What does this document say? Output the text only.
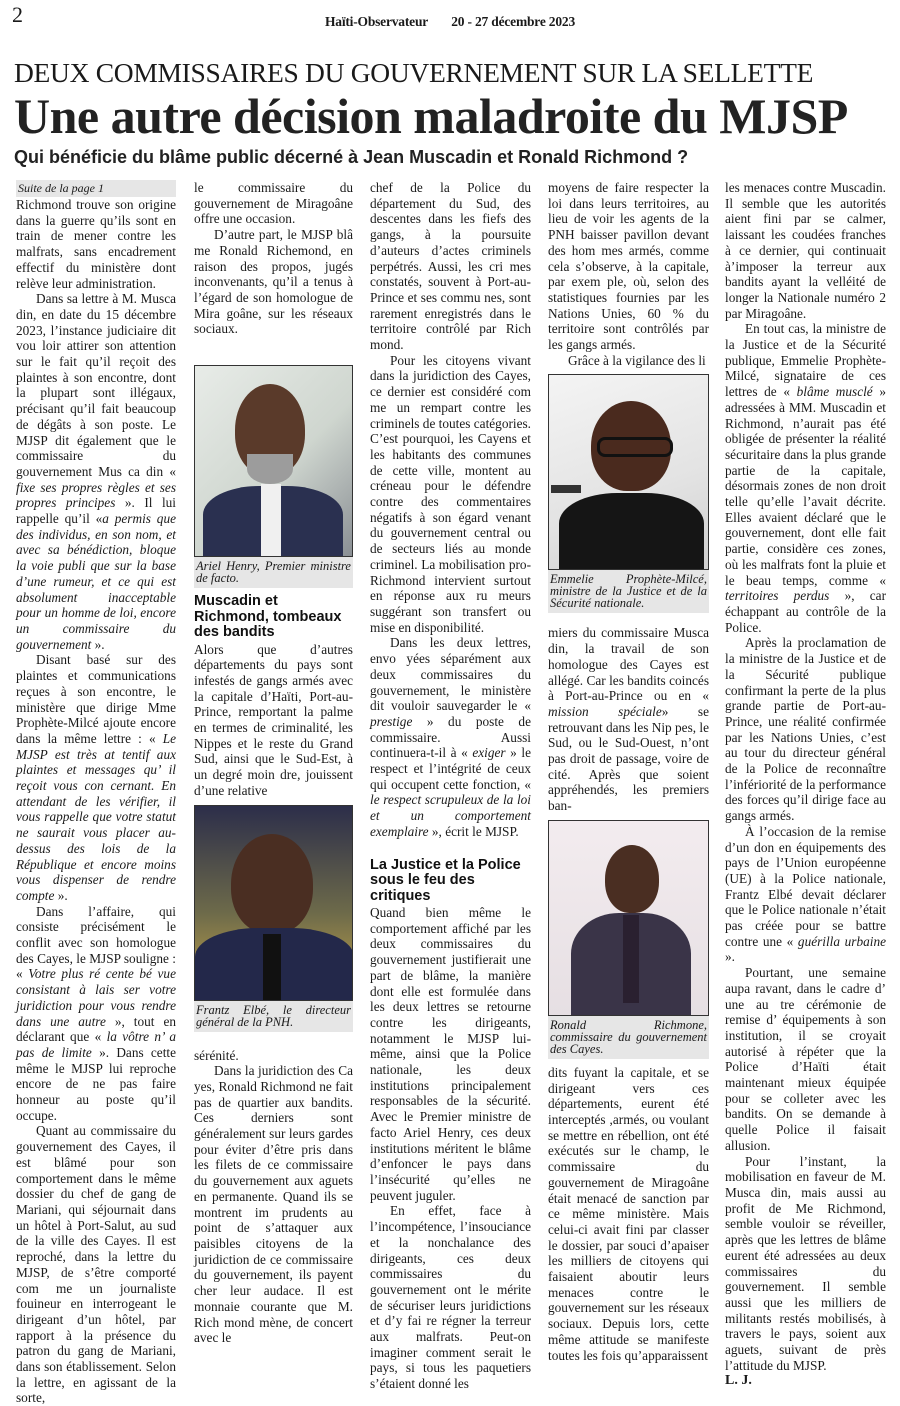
2	Haïti-Observateur 20 - 27 décembre 2023
DEUX COMMISSAIRES DU GOUVERNEMENT SUR LA SELLETTE
Une autre décision maladroite du MJSP
Qui bénéficie du blâme public décerné à Jean Muscadin et Ronald Richmond ?

Suite de la page 1

Richmond trouve son origine dans la guerre qu’ils sont en train de mener contre les malfrats, sans encadrement effectif du ministère dont relève leur administration.

Dans sa lettre à M. Musca din, en date du 15 décembre 2023, l’instance judiciaire dit vou loir attirer son attention sur le fait qu’il reçoit des plaintes à son encontre, dont la plupart sont illégaux, précisant qu’il fait beaucoup de dégâts à son poste. Le MJSP dit également que le commissaire du gouvernement Mus ca din « fixe ses propres règles et ses propres principes ». Il lui rappelle qu’il «a permis que des individus, en son nom, et avec sa bénédiction, bloque la voie publi que sur la base d’une rumeur, et ce qui est absolument inacceptable pour un homme de loi, encore un commissaire du gouvernement ».

Disant basé sur des plaintes et communications reçues à son encontre, le ministère que dirige Mme Prophète-Milcé ajoute encore dans la même lettre : « Le MJSP est très at tentif aux plaintes et messages qu’ il reçoit vous con cernant. En attendant de les vérifier, il vous rappelle que votre statut ne saurait vous placer au-dessus des lois de la République et encore moins vous dispenser de rendre compte ».

Dans l’affaire, qui consiste précisément le conflit avec son homologue des Cayes, le MJSP souligne : « Votre plus ré cente bé vue consistant à lais ser votre juridiction pour vous rendre dans une autre », tout en déclarant que « la vôtre n’ a pas de limite ». Dans cette même le MJSP lui reproche encore de ne pas faire honneur au poste qu’il occupe.

Quant au commissaire du gouvernement des Cayes, il est blâmé pour son comportement dans le même dossier du chef de gang de Mariani, qui séjournait dans un hôtel à Port-Salut, au sud de la ville des Cayes. Il est reproché, dans la lettre du MJSP, de s’être comporté com me un journaliste fouineur en interrogeant le dirigeant d’un hôtel, par rapport à la présence du patron du gang de Mariani, dans son établissement. Selon la lettre, en agissant de la sorte,

le commissaire du gouvernement de Miragoâne offre une occasion.

D’autre part, le MJSP blâ me Ronald Richemond, en raison des propos, jugés inconvenants, qu’il a tenus à l’égard de son homologue de Mira goâne, sur les réseaux sociaux.

Ariel Henry, Premier ministre de facto.
Muscadin et Richmond, tombeaux des bandits

Alors que d’autres départements du pays sont infestés de gangs armés avec la capitale d’Haïti, Port-au-Prince, remportant la palme en termes de criminalité, les Nippes et le reste du Grand Sud, ainsi que le Sud-Est, à un degré moin dre, jouissent d’une relative

Frantz Elbé, le directeur général de la PNH.

sérénité.

Dans la juridiction des Ca yes, Ronald Richmond ne fait pas de quartier aux bandits. Ces derniers sont généralement sur leurs gardes pour éviter d’être pris dans les filets de ce commissaire du gouvernement aux aguets en permanente. Quand ils se montrent im prudents au point de s’attaquer aux paisibles citoyens de la juridiction de ce commissaire du gouvernement, ils payent cher leur audace. Il est monnaie courante que M. Rich mond mène, de concert avec le

chef de la Police du département du Sud, des descentes dans les fiefs des gangs, à la poursuite d’auteurs d’actes criminels perpétrés. Aussi, les cri mes constatés, souvent à Port-au-Prince et ses commu nes, sont rarement enregistrés dans le territoire contrôlé par Rich mond.

Pour les citoyens vivant dans la juridiction des Cayes, ce dernier est considéré com me un rempart contre les criminels de toutes catégories. C’est pourquoi, les Cayens et les habitants des communes de cette ville, montent au créneau pour le défendre contre des commentaires négatifs à son égard venant du gouvernement central ou de secteurs liés au monde criminel. La mobilisation pro-Richmond intervient surtout en réponse aux ru meurs suggérant son transfert ou mise en disponibilité.

Dans les deux lettres, envo yées séparément aux deux commissaires du gouvernement, le ministère dit vouloir sauvegarder le « prestige » du poste de commissaire. Aussi continuera-t-il à « exiger » le respect et l’intégrité de ceux qui occupent cette fonction, « le respect scrupuleux de la loi et un comportement exemplaire », écrit le MJSP.

La Justice et la Police sous le feu des critiques

Quand bien même le comportement affiché par les deux commissaires du gouvernement justifierait une part de blâme, la manière dont elle est formulée dans les deux lettres se retourne contre les dirigeants, notamment le MJSP lui-même, ainsi que la Police nationale, les deux institutions principalement responsables de la sécurité. Avec le Premier ministre de facto Ariel Henry, ces deux institutions méritent le blâme d’enfoncer le pays dans l’insécurité qu’elles ne peuvent juguler.

En effet, face à l’incompétence, l’insouciance et la nonchalance des dirigeants, ces deux commissaires du gouvernement ont le mérite de sécuriser leurs juridictions et d’y fai re régner la terreur aux malfrats. Peut-on imaginer comment serait le pays, si tous les paquetiers s’étaient donné les

moyens de faire respecter la loi dans leurs territoires, au lieu de voir les agents de la PNH baisser pavillon devant des hom mes armés, comme cela s’observe, à la capitale, par exem ple, où, selon des statistiques fournies par les Nations Unies, 60 % du territoire sont contrôlés par les gangs armés.

Grâce à la vigilance des li

Emmelie Prophète-Milcé, ministre de la Justice et de la Sécurité nationale.

miers du commissaire Musca din, la travail de son homologue des Cayes est allégé. Car les bandits coincés à Port-au-Prince ou en « mission spéciale» se retrouvant dans les Nip pes, le Sud, ou le Sud-Ouest, n’ont pas droit de passage, voire de cité. Après que soient appréhendés, les premiers ban-

Ronald Richmone, commissaire du gouvernement des Cayes.

dits fuyant la capitale, et se dirigeant vers ces départements, eurent été interceptés ,armés, ou voulant se mettre en rébellion, ont été exécutés sur le champ, le commissaire du gouvernement de Miragoâne était menacé de sanction par ce même ministère. Mais celui-ci avait fini par classer le dossier, par souci d’apaiser les milliers de citoyens qui faisaient aboutir leurs menaces contre le gouvernement sur les réseaux sociaux. Depuis lors, cette même attitude se manifeste toutes les fois qu’apparaissent

les menaces contre Muscadin. Il semble que les autorités aient fini par se calmer, laissant les coudées franches à ce dernier, qui continuait à’imposer la terreur aux bandits ayant la velléité de longer la Nationale numéro 2 par Miragoâne.

En tout cas, la ministre de la Justice et de la Sécurité publique, Emmelie Prophète-Milcé, signataire de ces lettres de « blâme musclé » adressées à MM. Muscadin et Richmond, n’aurait pas été obligée de présenter la réalité sécuritaire dans la plus grande partie de la capitale, désormais zones de non droit telle qu’elle l’avait décrite. Elles avaient déclaré que le gouvernement, dont elle fait partie, considère ces zones, où les malfrats font la pluie et le beau temps, comme « territoires perdus », car échappant au contrôle de la Police.

Après la proclamation de la ministre de la Justice et de la Sécurité publique confirmant la perte de la plus grande partie de Port-au-Prince, une réalité confirmée par les Nations Unies, c’est au tour du directeur général de la Police de reconnaître l’infériorité de la performance des forces qu’il dirige face au gangs armés.

À l’occasion de la remise d’un don en équipements des pays de l’Union européenne (UE) à la Police nationale, Frantz Elbé devait déclarer que le Police nationale n’était pas créée pour se battre contre une « guérilla urbaine ».

Pourtant, une semaine aupa ravant, dans le cadre d’ une au tre cérémonie de remise d’ équipements à son institution, il se croyait autorisé à répéter que la Police d’Haïti était maintenant mieux équipée pour se colleter avec les bandits. On se demande à quelle Police il faisait allusion.

Pour l’instant, la mobilisation en faveur de M. Musca din, mais aussi au profit de Me Richmond, semble vouloir se réveiller, après que les lettres de blâme eurent été adressées au deux commissaires du gouvernement. Il semble aussi que les milliers de militants restés mobilisés, à travers le pays, soient aux aguets, suivant de près l’attitude du MJSP.

L. J.
